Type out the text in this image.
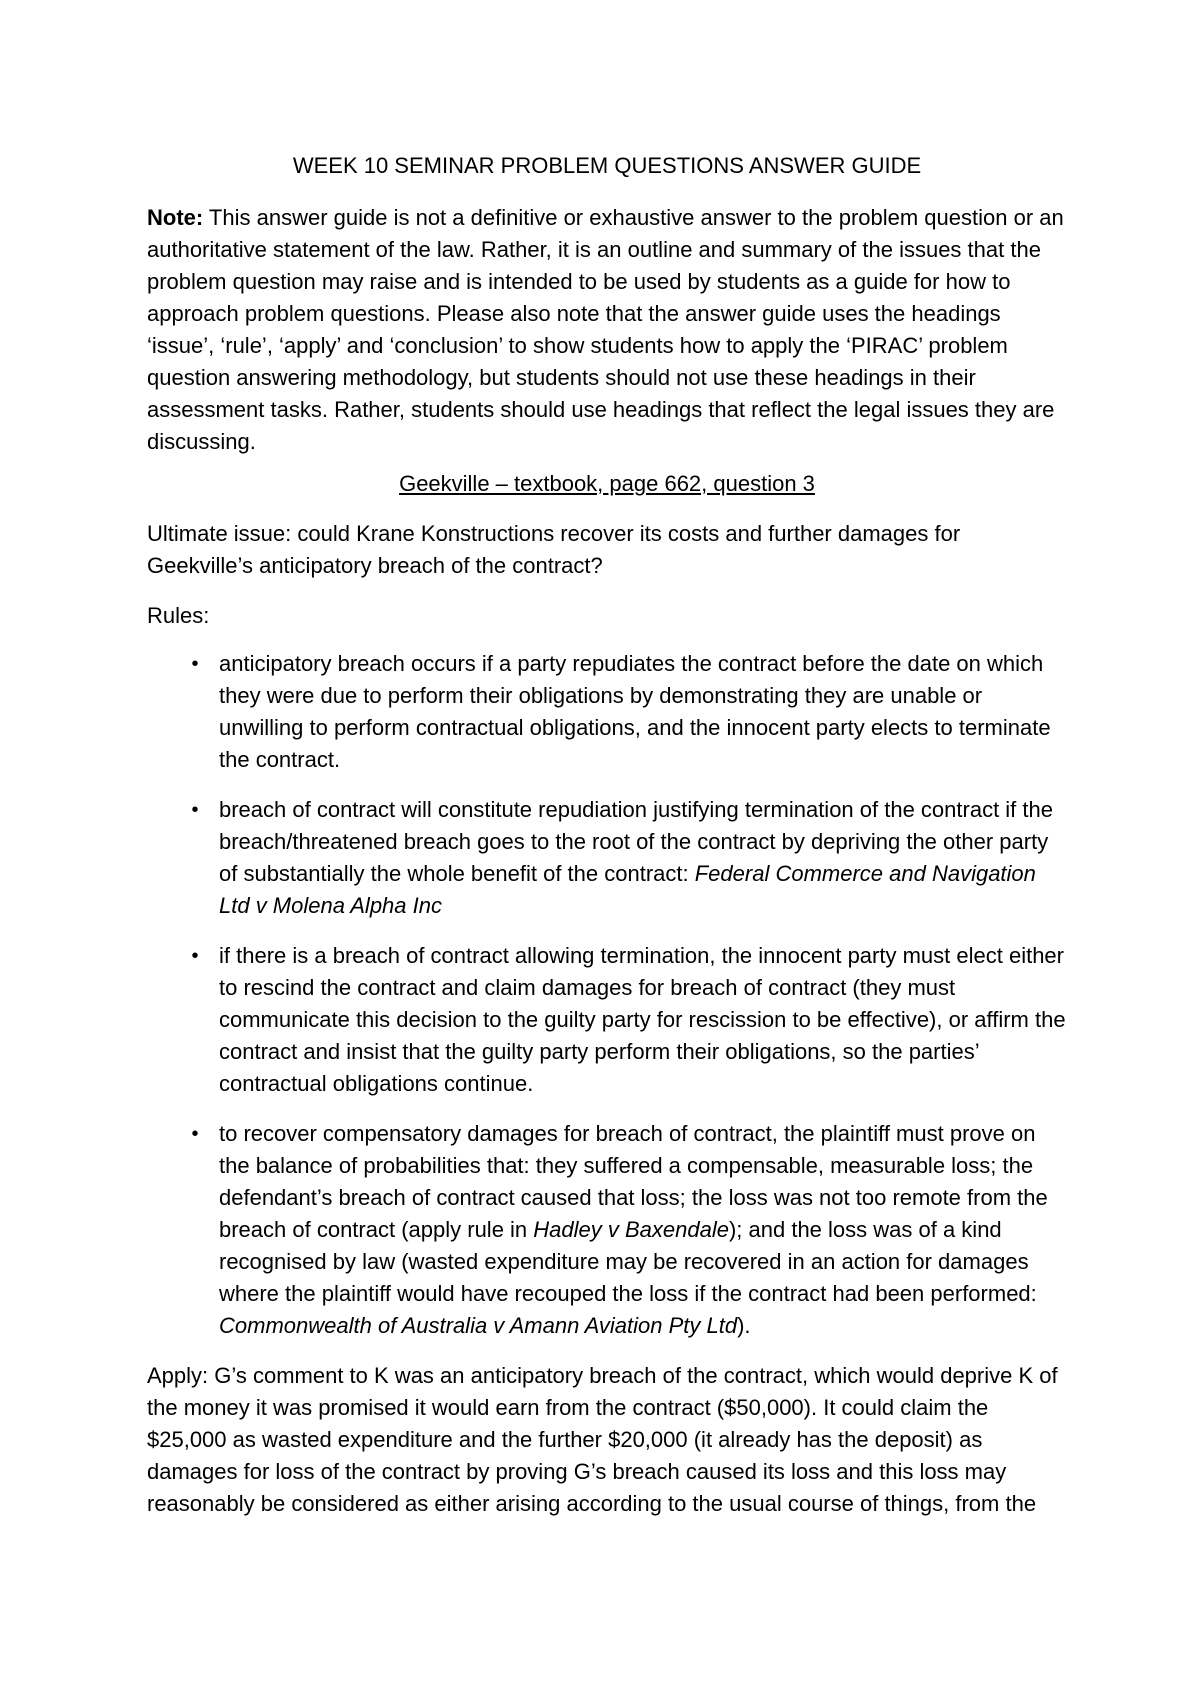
WEEK 10 SEMINAR PROBLEM QUESTIONS ANSWER GUIDE

Note: This answer guide is not a definitive or exhaustive answer to the problem question or an authoritative statement of the law. Rather, it is an outline and summary of the issues that the problem question may raise and is intended to be used by students as a guide for how to approach problem questions. Please also note that the answer guide uses the headings ‘issue’, ‘rule’, ‘apply’ and ‘conclusion’ to show students how to apply the ‘PIRAC’ problem question answering methodology, but students should not use these headings in their assessment tasks. Rather, students should use headings that reflect the legal issues they are discussing.

Geekville – textbook, page 662, question 3

Ultimate issue: could Krane Konstructions recover its costs and further damages for Geekville’s anticipatory breach of the contract?

Rules:

• anticipatory breach occurs if a party repudiates the contract before the date on which they were due to perform their obligations by demonstrating they are unable or unwilling to perform contractual obligations, and the innocent party elects to terminate the contract.
• breach of contract will constitute repudiation justifying termination of the contract if the breach/threatened breach goes to the root of the contract by depriving the other party of substantially the whole benefit of the contract: Federal Commerce and Navigation Ltd v Molena Alpha Inc
• if there is a breach of contract allowing termination, the innocent party must elect either to rescind the contract and claim damages for breach of contract (they must communicate this decision to the guilty party for rescission to be effective), or affirm the contract and insist that the guilty party perform their obligations, so the parties’ contractual obligations continue.
• to recover compensatory damages for breach of contract, the plaintiff must prove on the balance of probabilities that: they suffered a compensable, measurable loss; the defendant’s breach of contract caused that loss; the loss was not too remote from the breach of contract (apply rule in Hadley v Baxendale); and the loss was of a kind recognised by law (wasted expenditure may be recovered in an action for damages where the plaintiff would have recouped the loss if the contract had been performed: Commonwealth of Australia v Amann Aviation Pty Ltd).

Apply: G’s comment to K was an anticipatory breach of the contract, which would deprive K of the money it was promised it would earn from the contract ($50,000). It could claim the $25,000 as wasted expenditure and the further $20,000 (it already has the deposit) as damages for loss of the contract by proving G’s breach caused its loss and this loss may reasonably be considered as either arising according to the usual course of things, from the
